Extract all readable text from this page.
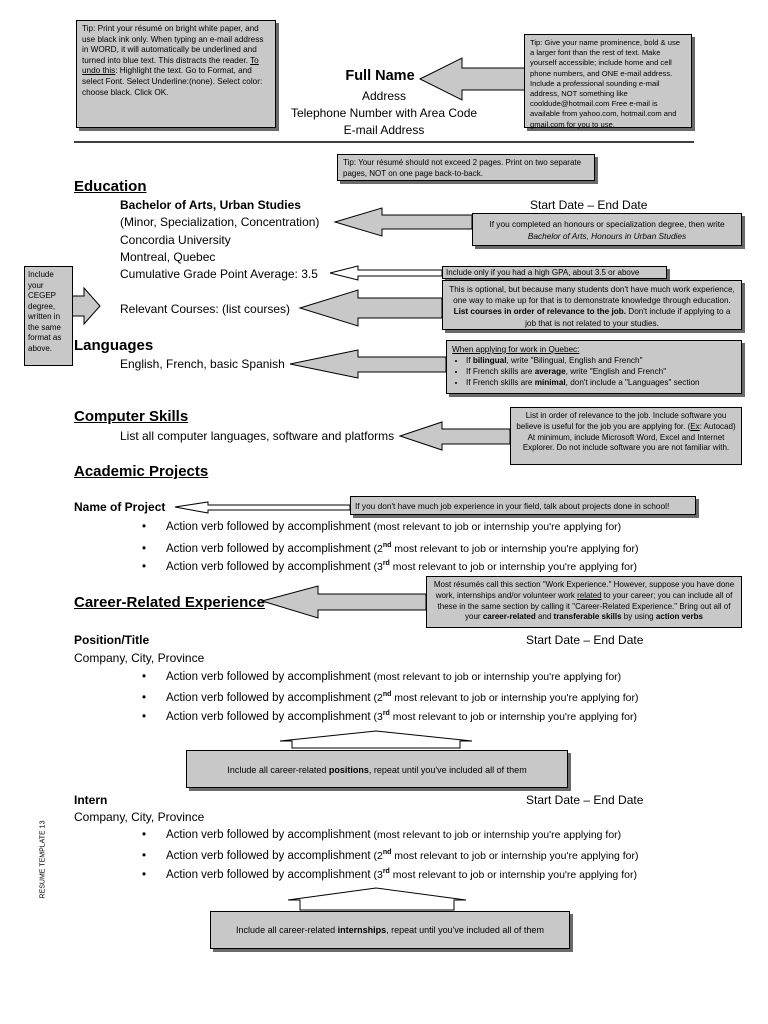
Tip: Print your résumé on bright white paper, and use black ink only. When typing an e-mail address in WORD, it will automatically be underlined and turned into blue text. This distracts the reader. To undo this: Highlight the text. Go to Format, and select Font. Select Underline:(none). Select color: choose black. Click OK.
Tip: Give your name prominence, bold & use a larger font than the rest of text. Make yourself accessible; include home and cell phone numbers, and ONE e-mail address. Include a professional sounding e-mail address, NOT something like cooldude@hotmail.com Free e-mail is available from yahoo.com, hotmail.com and gmail.com for you to use.
Tip: Your résumé should not exceed 2 pages. Print on two separate pages, NOT on one page back-to-back.
If you completed an honours or specialization degree, then write
Bachelor of Arts, Honours in Urban Studies
Include only if you had a high GPA, about 3.5 or above
This is optional, but because many students don't have much work experience, one way to make up for that is to demonstrate knowledge through education. List courses in order of relevance to the job. Don't include if applying to a job that is not related to your studies.
Include your CEGEP degree, written in the same format as above.	When applying for work in Quebec:
• If bilingual, write "Bilingual, English and French"
• If French skills are average, write "English and French"
• If French skills are minimal, don't include a "Languages" section
List in order of relevance to the job. Include software you believe is useful for the job you are applying for. (Ex: Autocad) At minimum, include Microsoft Word, Excel and Internet Explorer. Do not include software you are not familiar with.
If you don't have much job experience in your field, talk about projects done in school!
Most résumés call this section "Work Experience." However, suppose you have done work, internships and/or volunteer work related to your career; you can include all of these in the same section by calling it "Career-Related Experience." Bring out all of your career-related and transferable skills by using action verbs
Include all career-related positions, repeat until you've included all of them
Include all career-related internships, repeat until you've included all of them
Full Name
Address
Telephone Number with Area Code
E-mail Address
Education
Bachelor of Arts, Urban Studies	Start Date – End Date
(Minor, Specialization, Concentration)
Concordia University
Montreal, Quebec
Cumulative Grade Point Average: 3.5
Relevant Courses: (list courses)
Languages
English, French, basic Spanish
Computer Skills
List all computer languages, software and platforms
Academic Projects
Name of Project
• Action verb followed by accomplishment (most relevant to job or internship you're applying for)
• Action verb followed by accomplishment (2nd most relevant to job or internship you're applying for)
• Action verb followed by accomplishment (3rd most relevant to job or internship you're applying for)
Career-Related Experience
Position/Title	Start Date – End Date
Company, City, Province
• Action verb followed by accomplishment (most relevant to job or internship you're applying for)
• Action verb followed by accomplishment (2nd most relevant to job or internship you're applying for)
• Action verb followed by accomplishment (3rd most relevant to job or internship you're applying for)
Intern	Start Date – End Date
Company, City, Province
• Action verb followed by accomplishment (most relevant to job or internship you're applying for)
• Action verb followed by accomplishment (2nd most relevant to job or internship you're applying for)
• Action verb followed by accomplishment (3rd most relevant to job or internship you're applying for)
RESUME TEMPLATE 13
